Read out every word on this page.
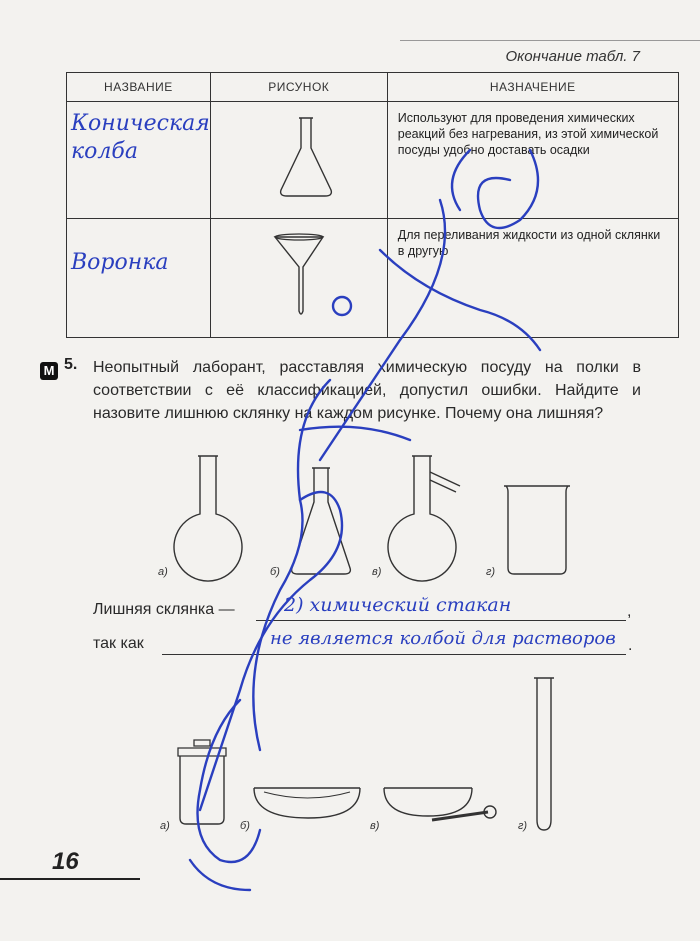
Окончание табл. 7
НАЗВАНИЕ	РИСУНОК	НАЗНАЧЕНИЕ

Коническая колба		Используют для проведения химических реакций без нагревания, из этой химической посуды удобно доставать осадки

Воронка		Для переливания жидкости из одной склянки в другую
М 5. Неопытный лаборант, расставляя химическую посуду на полки в соответствии с её классификацией, допустил ошибки. Найдите и назовите лишнюю склянку на каждом рисунке. Почему она лишняя?
а)	б)	в)	г)
Лишняя склянка —	2) химический стакан	,
так как	не является колбой для растворов .
а)	б)	в)	г)
16
